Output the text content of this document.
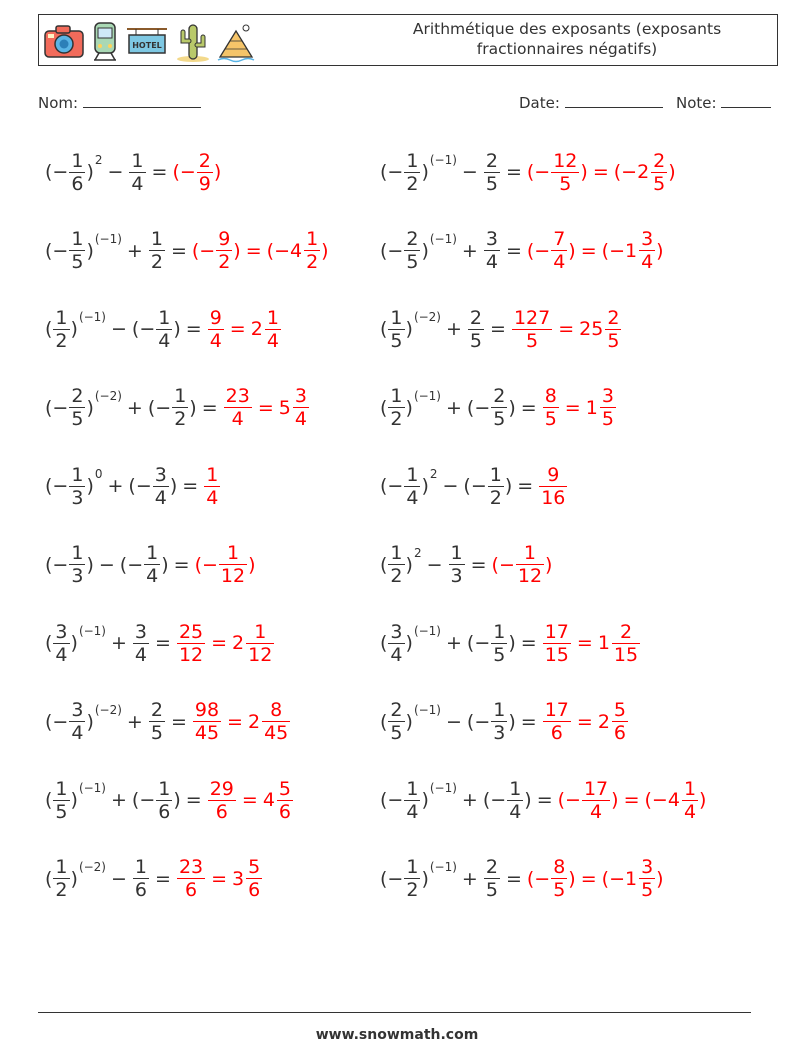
HOTEL
Arithmétique des exposants (exposants
fractionnaires négatifs)
Nom:	Date:	Note:
( − $\frac{1}{6}$ )
2
− $\frac{1}{4}$ = ( − $\frac{2}{9}$ )	( − $\frac{1}{2}$ )
(−1)
− $\frac{2}{5}$ = ( − $\frac{12}{5}$ ) = ( − $2 \frac{2}{5}$ )
( − $\frac{1}{5}$ )
(−1)
+ $\frac{1}{2}$ = ( − $\frac{9}{2}$ ) = ( − $4 \frac{1}{2}$ )	( − $\frac{2}{5}$ )
(−1)
+ $\frac{3}{4}$ = ( − $\frac{7}{4}$ ) = ( − $1 \frac{3}{4}$ )
( $\frac{1}{2}$ )
(−1)
− ( − $\frac{1}{4}$ ) = $\frac{9}{4} = 2 \frac{1}{4}$	( $\frac{1}{5}$ )
(−2)
+ $\frac{2}{5} = \frac{127}{5} = 25 \frac{2}{5}$
( − $\frac{2}{5}$ )
(−2)
+ ( − $\frac{1}{2}$ ) = $\frac{23}{4} = 5 \frac{3}{4}$	( $\frac{1}{2}$ )
(−1)
+ ( − $\frac{2}{5}$ ) = $\frac{8}{5} = 1 \frac{3}{5}$
( − $\frac{1}{3}$ )
0
+ ( − $\frac{3}{4}$ ) = $\frac{1}{4}$	( − $\frac{1}{4}$ )
2
− ( − $\frac{1}{2}$ ) = $\frac{9}{16}$
( − $\frac{1}{3}$ ) − ( − $\frac{1}{4}$ ) = ( − $\frac{1}{12}$ )	( $\frac{1}{2}$ )
2
− $\frac{1}{3}$ = ( − $\frac{1}{12}$ )
( $\frac{3}{4}$ )
(−1)
+ $\frac{3}{4} = \frac{25}{12} = 2 \frac{1}{12}$	( $\frac{3}{4}$ )
(−1)
+ ( − $\frac{1}{5}$ ) = $\frac{17}{15} = 1 \frac{2}{15}$
( − $\frac{3}{4}$ )
(−2)
+ $\frac{2}{5} = \frac{98}{45} = 2 \frac{8}{45}$	( $\frac{2}{5}$ )
(−1)
− ( − $\frac{1}{3}$ ) = $\frac{17}{6} = 2 \frac{5}{6}$
( $\frac{1}{5}$ )
(−1)
+ ( − $\frac{1}{6}$ ) = $\frac{29}{6} = 4 \frac{5}{6}$	( − $\frac{1}{4}$ )
(−1)
+ ( − $\frac{1}{4}$ ) = ( − $\frac{17}{4}$ ) = ( − $4 \frac{1}{4}$ )
( $\frac{1}{2}$ )
(−2)
− $\frac{1}{6} = \frac{23}{6} = 3 \frac{5}{6}$	( − $\frac{1}{2}$ )
(−1)
+ $\frac{2}{5}$ = ( − $\frac{8}{5}$ ) = ( − $1 \frac{3}{5}$ )
www.snowmath.com
